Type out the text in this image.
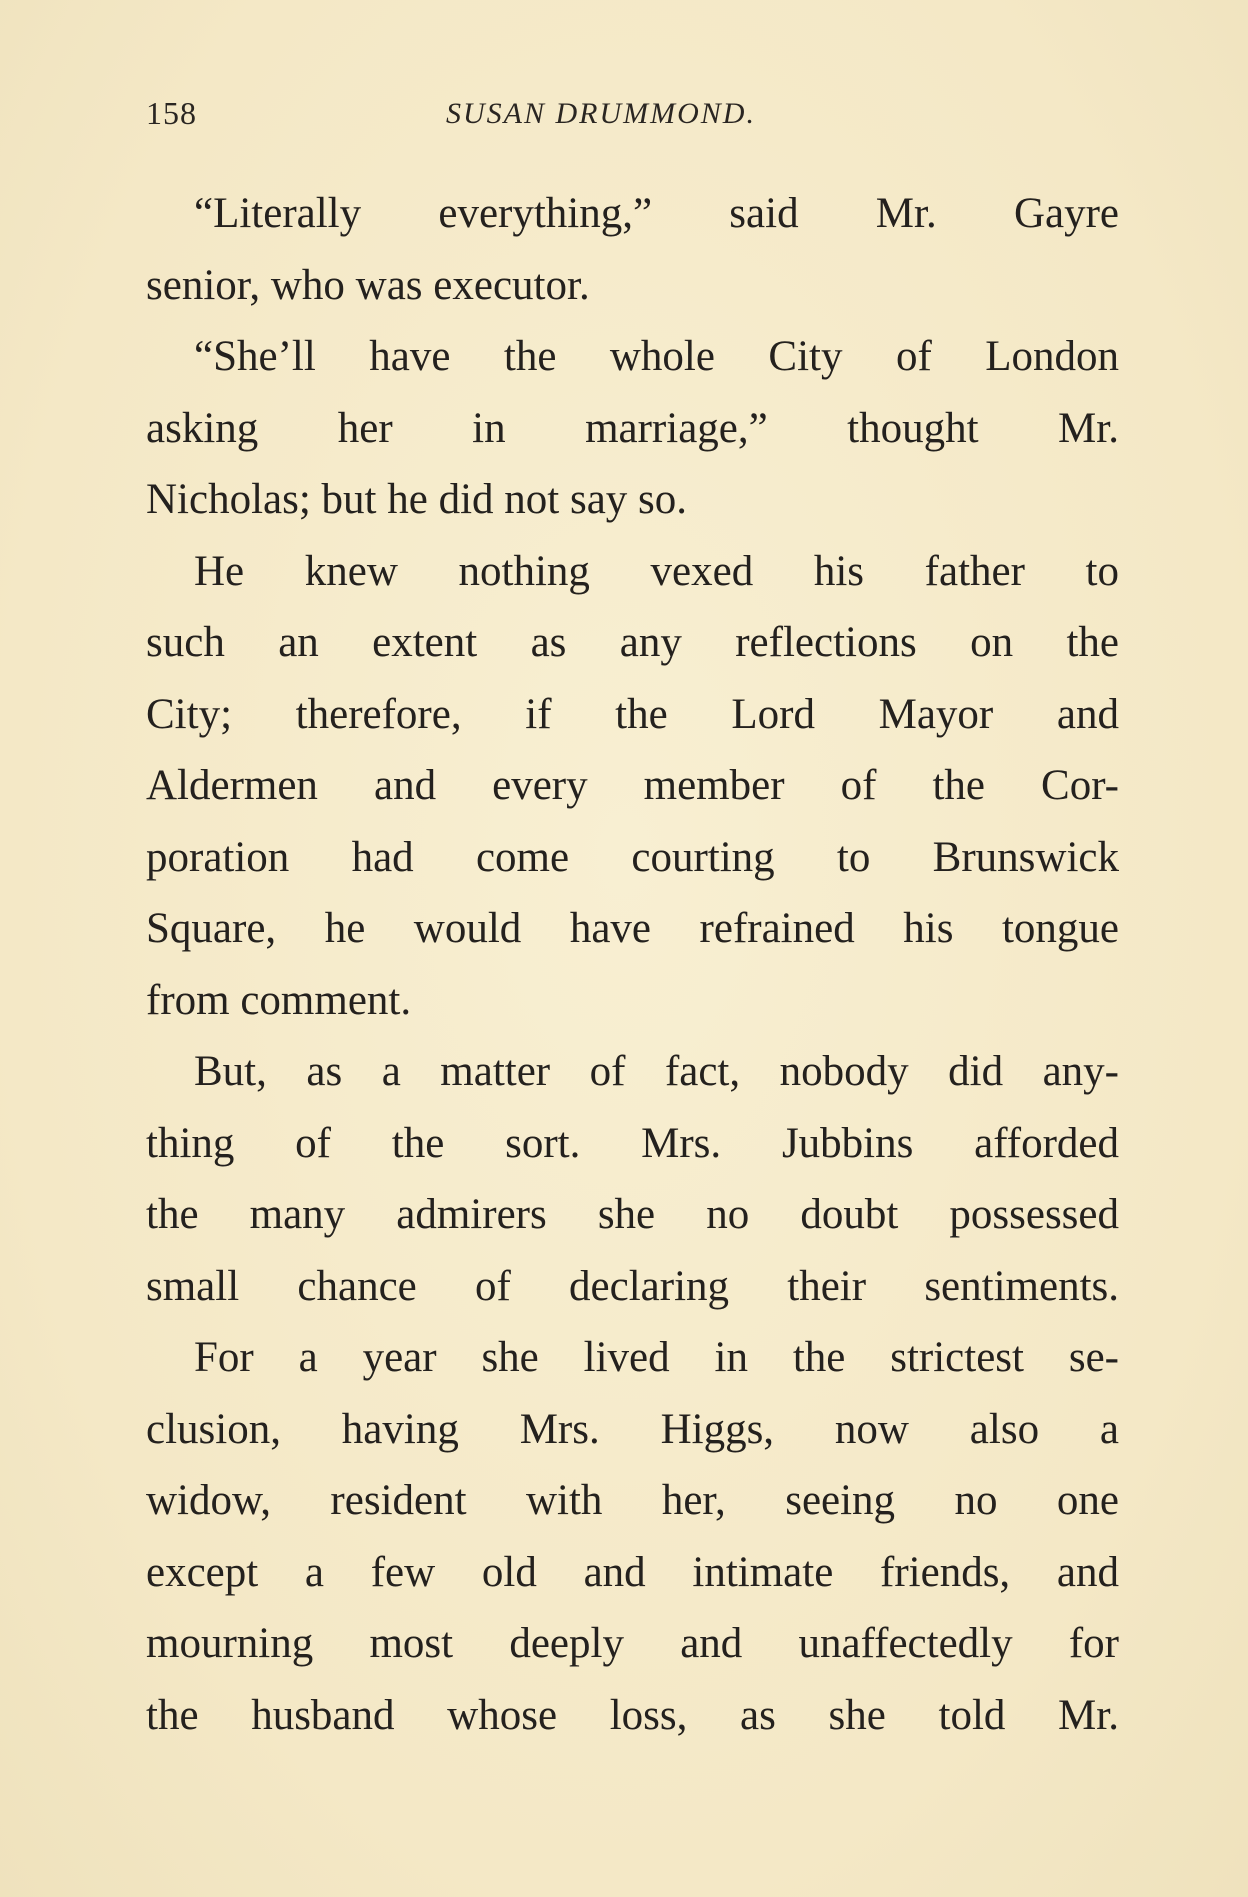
158	SUSAN DRUMMOND.
“Literally everything,” said Mr. Gayre
senior, who was executor.
“She’ll have the whole City of London
asking her in marriage,” thought Mr.
Nicholas; but he did not say so.
He knew nothing vexed his father to
such an extent as any reflections on the
City; therefore, if the Lord Mayor and
Aldermen and every member of the Cor-
poration had come courting to Brunswick
Square, he would have refrained his tongue
from comment.
But, as a matter of fact, nobody did any-
thing of the sort. Mrs. Jubbins afforded
the many admirers she no doubt possessed
small chance of declaring their sentiments.
For a year she lived in the strictest se-
clusion, having Mrs. Higgs, now also a
widow, resident with her, seeing no one
except a few old and intimate friends, and
mourning most deeply and unaffectedly for
the husband whose loss, as she told Mr.
